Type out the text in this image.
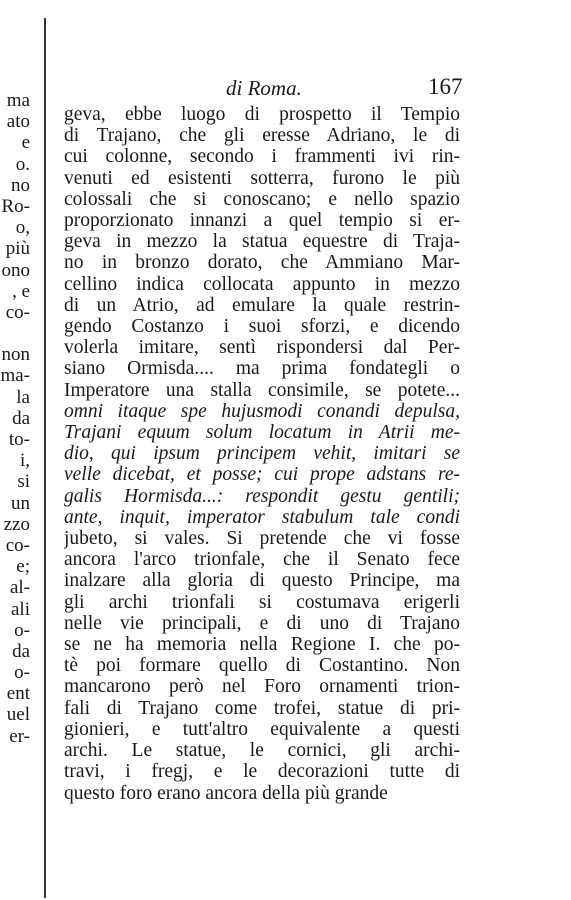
ma
ato
e
o.
no
Ro-
o,
più
ono
, e
co-
non
ma-
la
da
to-
i,
si
un
zzo
co-
e;
al-
ali
o-
da
o-
ent
uel
er-
di Roma.	167
geva, ebbe luogo di prospetto il Tempio
di Trajano, che gli eresse Adriano, le di
cui colonne, secondo i frammenti ivi rin-
venuti ed esistenti sotterra, furono le più
colossali che si conoscano; e nello spazio
proporzionato innanzi a quel tempio si er-
geva in mezzo la statua equestre di Traja-
no in bronzo dorato, che Ammiano Mar-
cellino indica collocata appunto in mezzo
di un Atrio, ad emulare la quale restrin-
gendo Costanzo i suoi sforzi, e dicendo
volerla imitare, sentì rispondersi dal Per-
siano Ormisda.... ma prima fondategli o
Imperatore una stalla consimile, se potete...
omni itaque spe hujusmodi conandi depulsa,
Trajani equum solum locatum in Atrii me-
dio, qui ipsum principem vehit, imitari se
velle dicebat, et posse; cui prope adstans re-
galis Hormisda...: respondit gestu gentili;
ante, inquit, imperator stabulum tale condi
jubeto, si vales. Si pretende che vi fosse
ancora l'arco trionfale, che il Senato fece
inalzare alla gloria di questo Principe, ma
gli archi trionfali si costumava erigerli
nelle vie principali, e di uno di Trajano
se ne ha memoria nella Regione I. che po-
tè poi formare quello di Costantino. Non
mancarono però nel Foro ornamenti trion-
fali di Trajano come trofei, statue di pri-
gionieri, e tutt'altro equivalente a questi
archi. Le statue, le cornici, gli archi-
travi, i fregj, e le decorazioni tutte di
questo foro erano ancora della più grande
